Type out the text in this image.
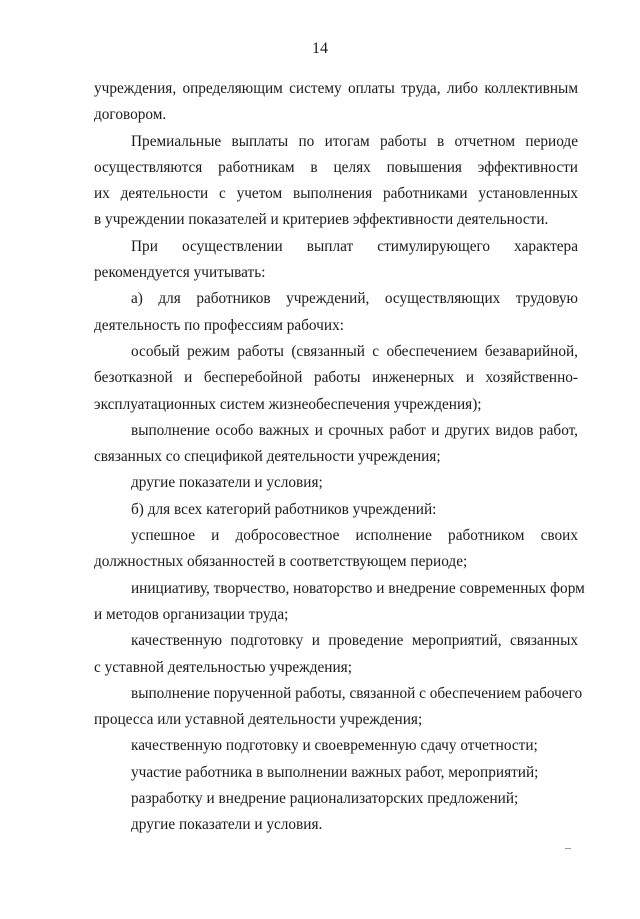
14
учреждения, определяющим систему оплаты труда, либо коллективным
договором.
Премиальные выплаты по итогам работы в отчетном периоде
осуществляются работникам в целях повышения эффективности
их деятельности с учетом выполнения работниками установленных
в учреждении показателей и критериев эффективности деятельности.
При осуществлении выплат стимулирующего характера
рекомендуется учитывать:
а) для работников учреждений, осуществляющих трудовую
деятельность по профессиям рабочих:
особый режим работы (связанный с обеспечением безаварийной,
безотказной и бесперебойной работы инженерных и хозяйственно-
эксплуатационных систем жизнеобеспечения учреждения);
выполнение особо важных и срочных работ и других видов работ,
связанных со спецификой деятельности учреждения;
другие показатели и условия;
б) для всех категорий работников учреждений:
успешное и добросовестное исполнение работником своих
должностных обязанностей в соответствующем периоде;
инициативу, творчество, новаторство и внедрение современных форм
и методов организации труда;
качественную подготовку и проведение мероприятий, связанных
с уставной деятельностью учреждения;
выполнение порученной работы, связанной с обеспечением рабочего
процесса или уставной деятельности учреждения;
качественную подготовку и своевременную сдачу отчетности;
участие работника в выполнении важных работ, мероприятий;
разработку и внедрение рационализаторских предложений;
другие показатели и условия.
